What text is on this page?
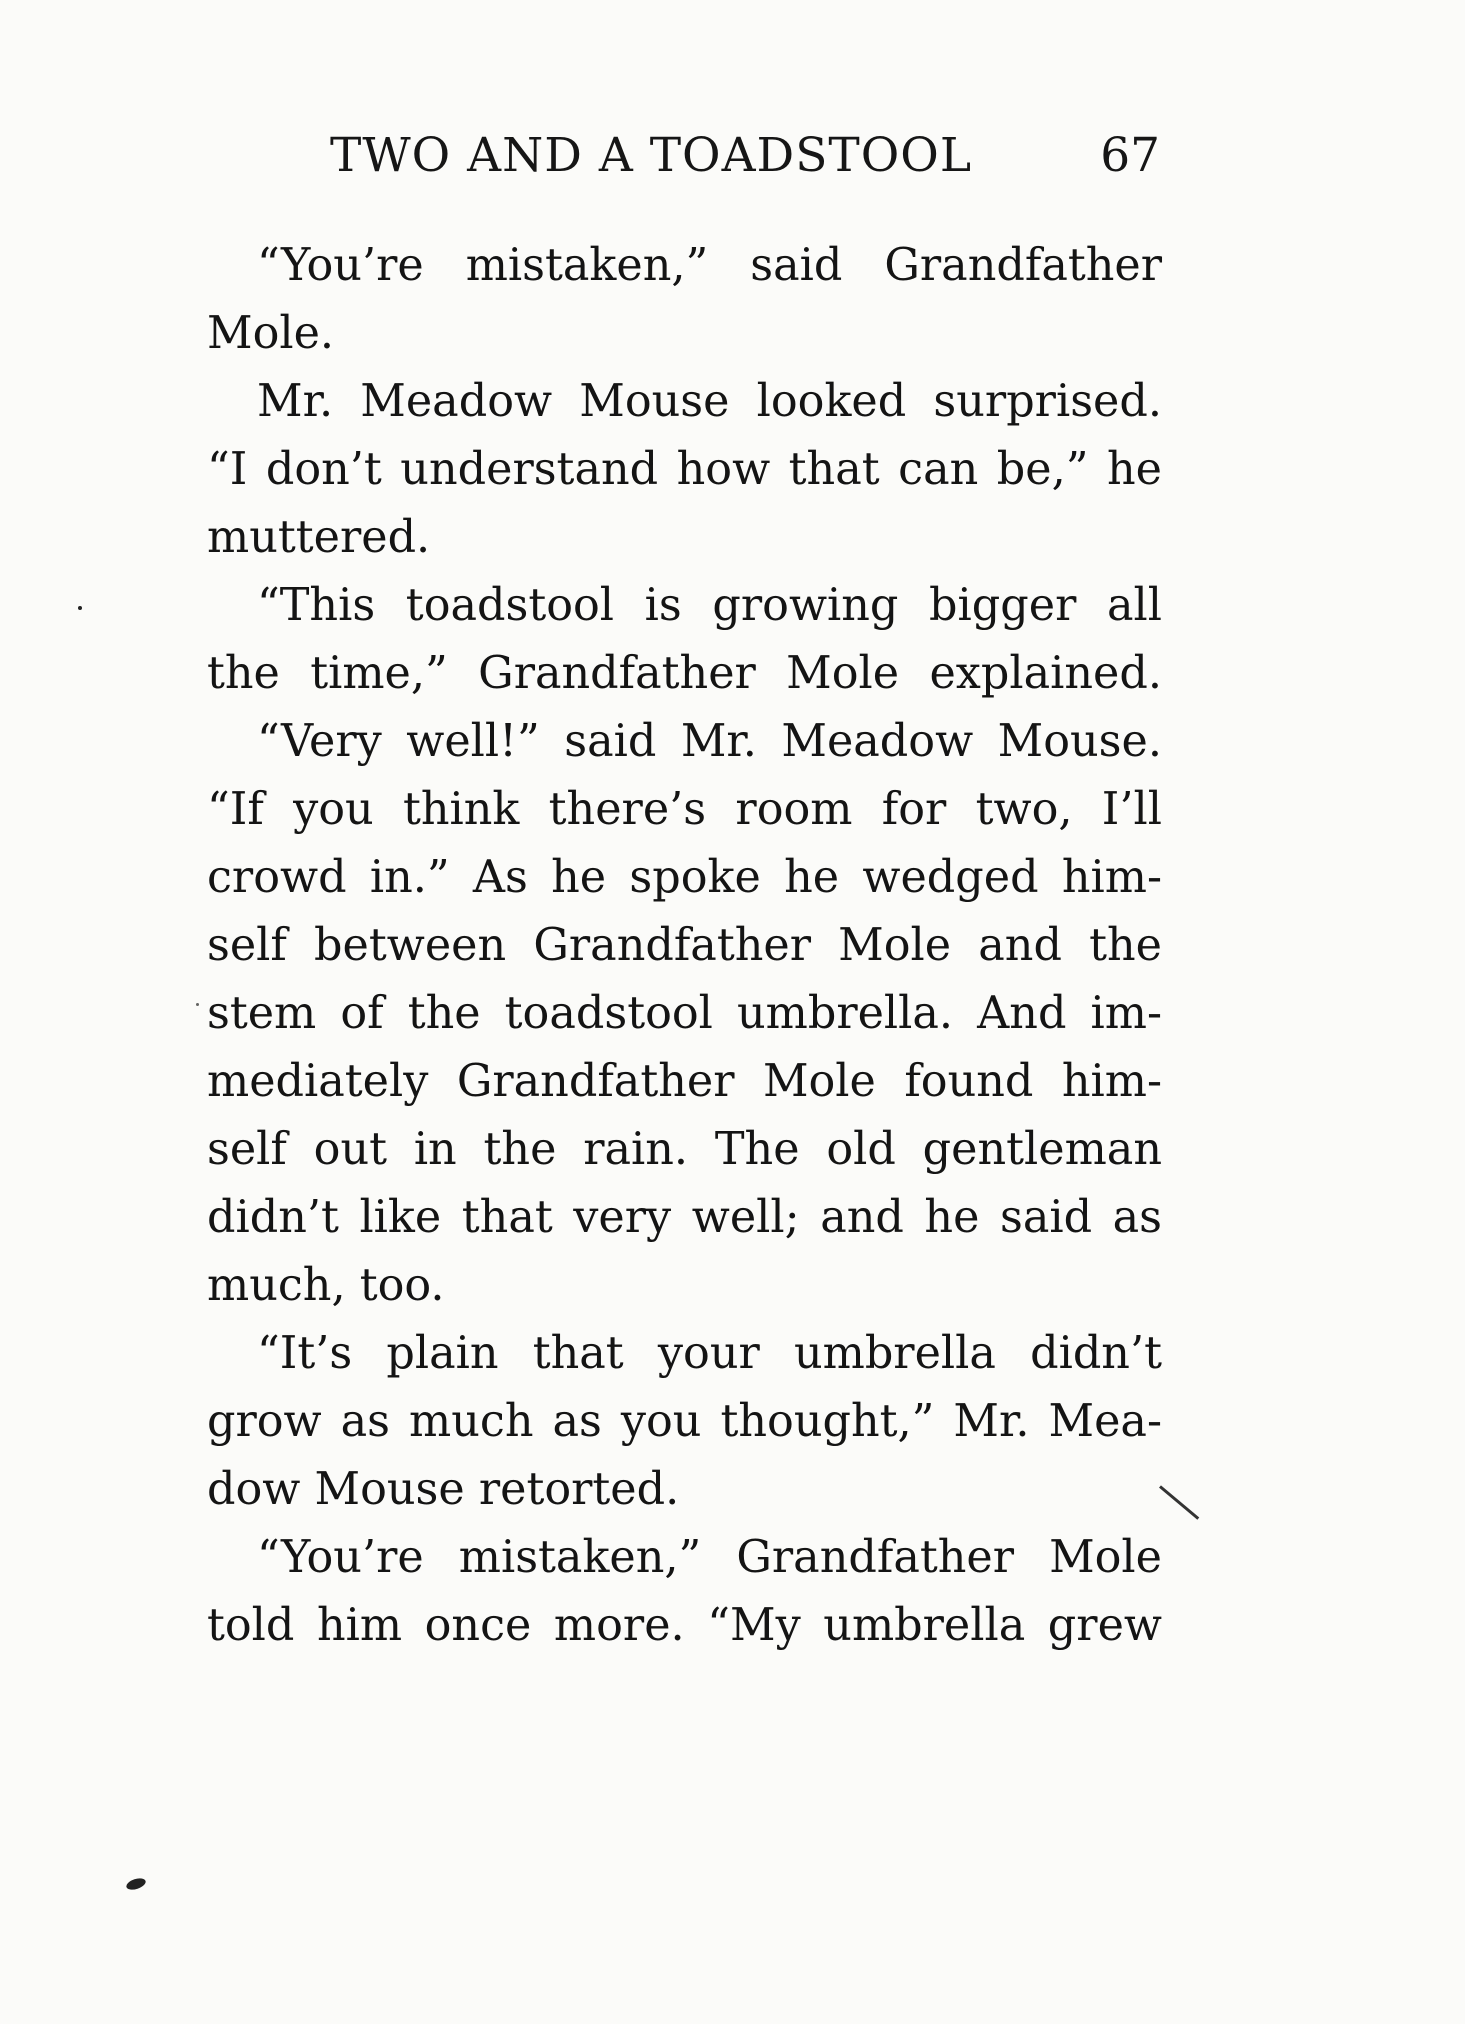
TWO AND A TOADSTOOL	67
“You’re mistaken,” said Grandfather
Mole.
Mr. Meadow Mouse looked surprised.
“I don’t understand how that can be,” he
muttered.
“This toadstool is growing bigger all
the time,” Grandfather Mole explained.
“Very well!” said Mr. Meadow Mouse.
“If you think there’s room for two, I’ll
crowd in.” As he spoke he wedged him-
self between Grandfather Mole and the
stem of the toadstool umbrella. And im-
mediately Grandfather Mole found him-
self out in the rain. The old gentleman
didn’t like that very well; and he said as
much, too.
“It’s plain that your umbrella didn’t
grow as much as you thought,” Mr. Mea-
dow Mouse retorted.
“You’re mistaken,” Grandfather Mole
told him once more. “My umbrella grew
